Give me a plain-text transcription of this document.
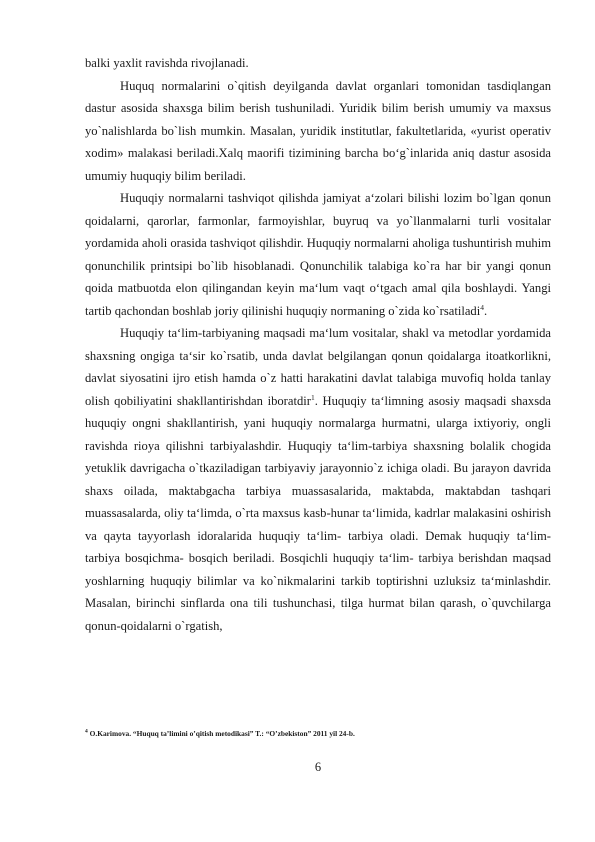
balki yaxlit ravishda rivojlanadi.

Huquq normalarini o`qitish deyilganda davlat organlari tomonidan tasdiqlangan dastur asosida shaxsga bilim berish tushuniladi. Yuridik bilim berish umumiy va maxsus yo`nalishlarda bo`lish mumkin. Masalan, yuridik institutlar, fakultetlarida, «yurist operativ xodim» malakasi beriladi.Xalq maorifi tizimining barcha bo‘g`inlarida aniq dastur asosida umumiy huquqiy bilim beriladi.

Huquqiy normalarni tashviqot qilishda jamiyat a‘zolari bilishi lozim bo`lgan qonun qoidalarni, qarorlar, farmonlar, farmoyishlar, buyruq va yo`llanmalarni turli vositalar yordamida aholi orasida tashviqot qilishdir. Huquqiy normalarni aholiga tushuntirish muhim qonunchilik printsipi bo`lib hisoblanadi. Qonunchilik talabiga ko`ra har bir yangi qonun qoida matbuotda elon qilingandan keyin ma‘lum vaqt o‘tgach amal qila boshlaydi. Yangi tartib qachondan boshlab joriy qilinishi huquqiy normaning o`zida ko`rsatiladi$^4$.

Huquqiy ta‘lim-tarbiyaning maqsadi ma‘lum vositalar, shakl va metodlar yordamida shaxsning ongiga ta‘sir ko`rsatib, unda davlat belgilangan qonun qoidalarga itoatkorlikni, davlat siyosatini ijro etish hamda o`z hatti harakatini davlat talabiga muvofiq holda tanlay olish qobiliyatini shakllantirishdan iboratdir$^1$. Huquqiy ta‘limning asosiy maqsadi shaxsda huquqiy ongni shakllantirish, yani huquqiy normalarga hurmatni, ularga ixtiyoriy, ongli ravishda rioya qilishni tarbiyalashdir. Huquqiy ta‘lim-tarbiya shaxsning bolalik chogida yetuklik davrigacha o`tkaziladigan tarbiyaviy jarayonnio`z ichiga oladi. Bu jarayon davrida shaxs oilada, maktabgacha tarbiya muassasalarida, maktabda, maktabdan tashqari muassasalarda, oliy ta‘limda, o`rta maxsus kasb-hunar ta‘limida, kadrlar malakasini oshirish va qayta tayyorlash idoralarida huquqiy ta‘lim- tarbiya oladi. Demak huquqiy ta‘lim- tarbiya bosqichma- bosqich beriladi. Bosqichli huquqiy ta‘lim- tarbiya berishdan maqsad yoshlarning huquqiy bilimlar va ko`nikmalarini tarkib toptirishni uzluksiz ta‘minlashdir. Masalan, birinchi sinflarda ona tili tushunchasi, tilga hurmat bilan qarash, o`quvchilarga qonun-qoidalarni o`rgatish,

$^4$ O.Karimova. “Huquq ta’limini o’qitish metodikasi” T.: “O’zbekiston” 2011 yil 24-b.
6
